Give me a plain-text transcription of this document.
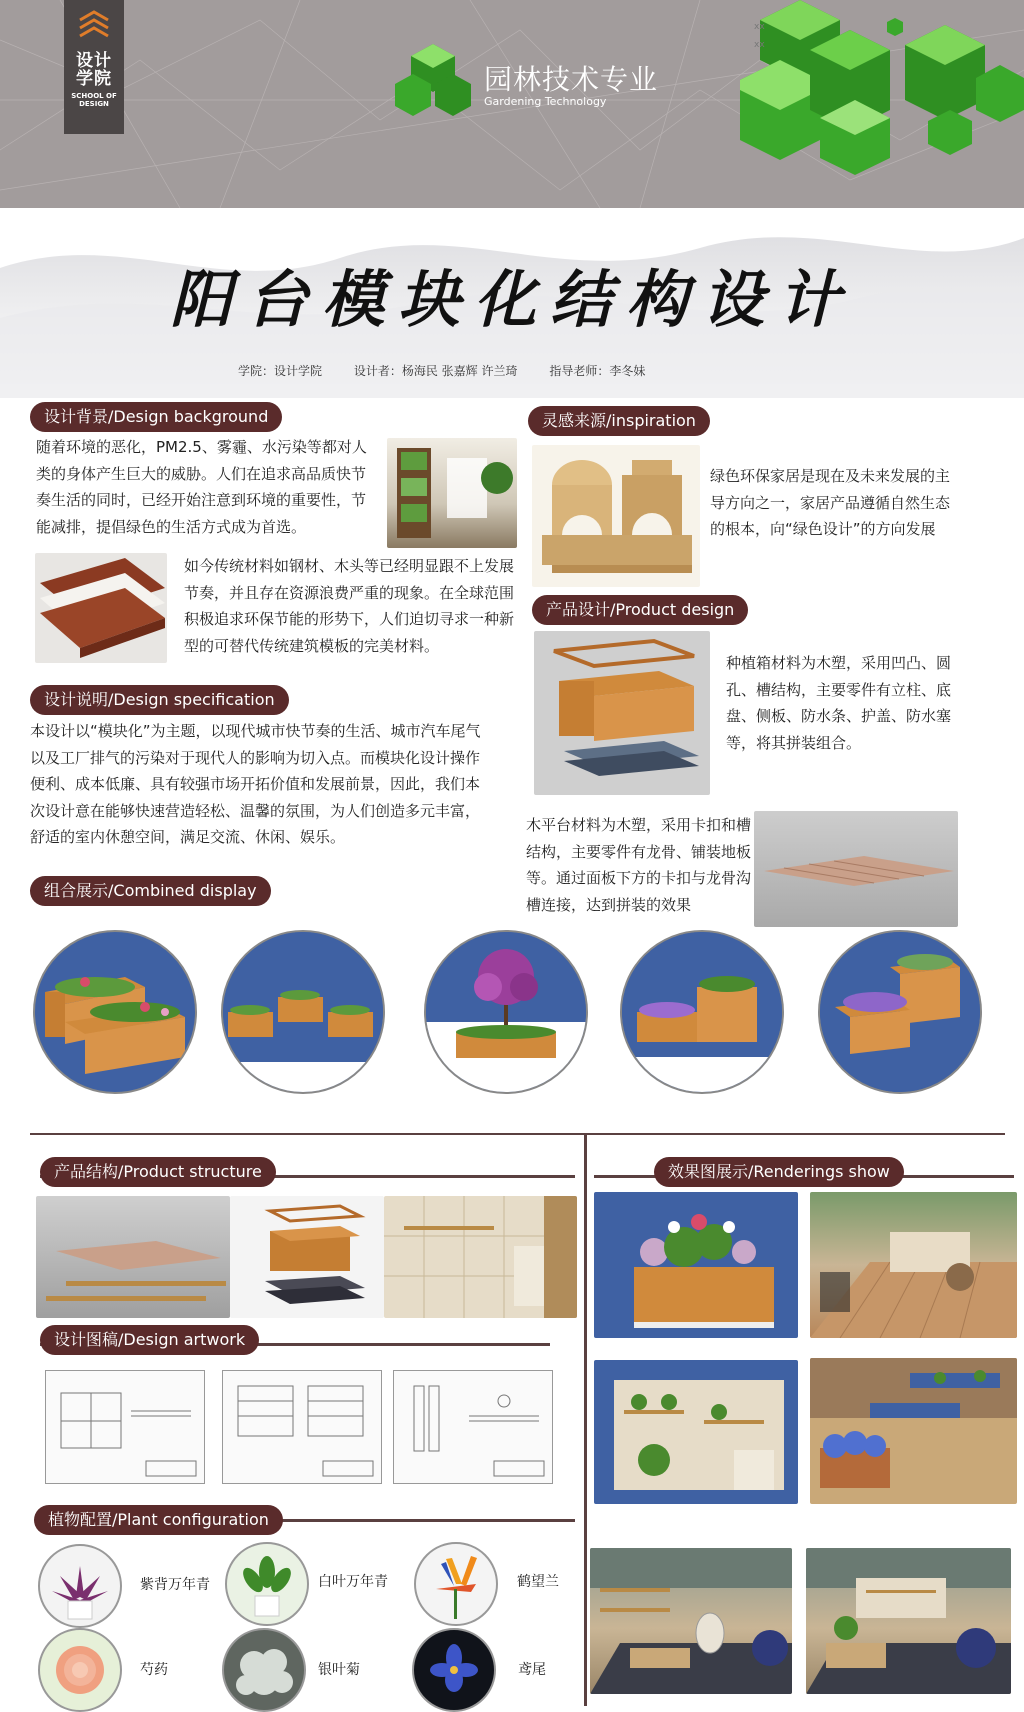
设计
学院
SCHOOL OF DESIGN
园林技术专业
Gardening Technology
xx
xx
阳台模块化结构设计
学院：设计学院	设计者：杨海民 张嘉辉 许兰琦	指导老师：李冬妹
设计背景/Design background
随着环境的恶化，PM2.5、雾霾、水污染等都对人类的身体产生巨大的威胁。人们在追求高品质快节奏生活的同时，已经开始注意到环境的重要性，节能减排，提倡绿色的生活方式成为首选。
如今传统材料如钢材、木头等已经明显跟不上发展节奏，并且存在资源浪费严重的现象。在全球范围积极追求环保节能的形势下，人们迫切寻求一种新型的可替代传统建筑模板的完美材料。
灵感来源/inspiration
绿色环保家居是现在及未来发展的主导方向之一，家居产品遵循自然生态的根本，向“绿色设计”的方向发展
产品设计/Product design
种植箱材料为木塑，采用凹凸、圆孔、槽结构，主要零件有立柱、底盘、侧板、防水条、护盖、防水塞等，将其拼装组合。
木平台材料为木塑，采用卡扣和槽结构，主要零件有龙骨、铺装地板等。通过面板下方的卡扣与龙骨沟槽连接，达到拼装的效果
设计说明/Design specification
本设计以“模块化”为主题，以现代城市快节奏的生活、城市汽车尾气以及工厂排气的污染对于现代人的影响为切入点。而模块化设计操作便利、成本低廉、具有较强市场开拓价值和发展前景，因此，我们本次设计意在能够快速营造轻松、温馨的氛围，为人们创造多元丰富，舒适的室内休憩空间，满足交流、休闲、娱乐。
组合展示/Combined display
产品结构/Product structure
设计图稿/Design artwork
植物配置/Plant configuration
紫背万年青	白叶万年青	鹤望兰
芍药	银叶菊	鸢尾
效果图展示/Renderings show
